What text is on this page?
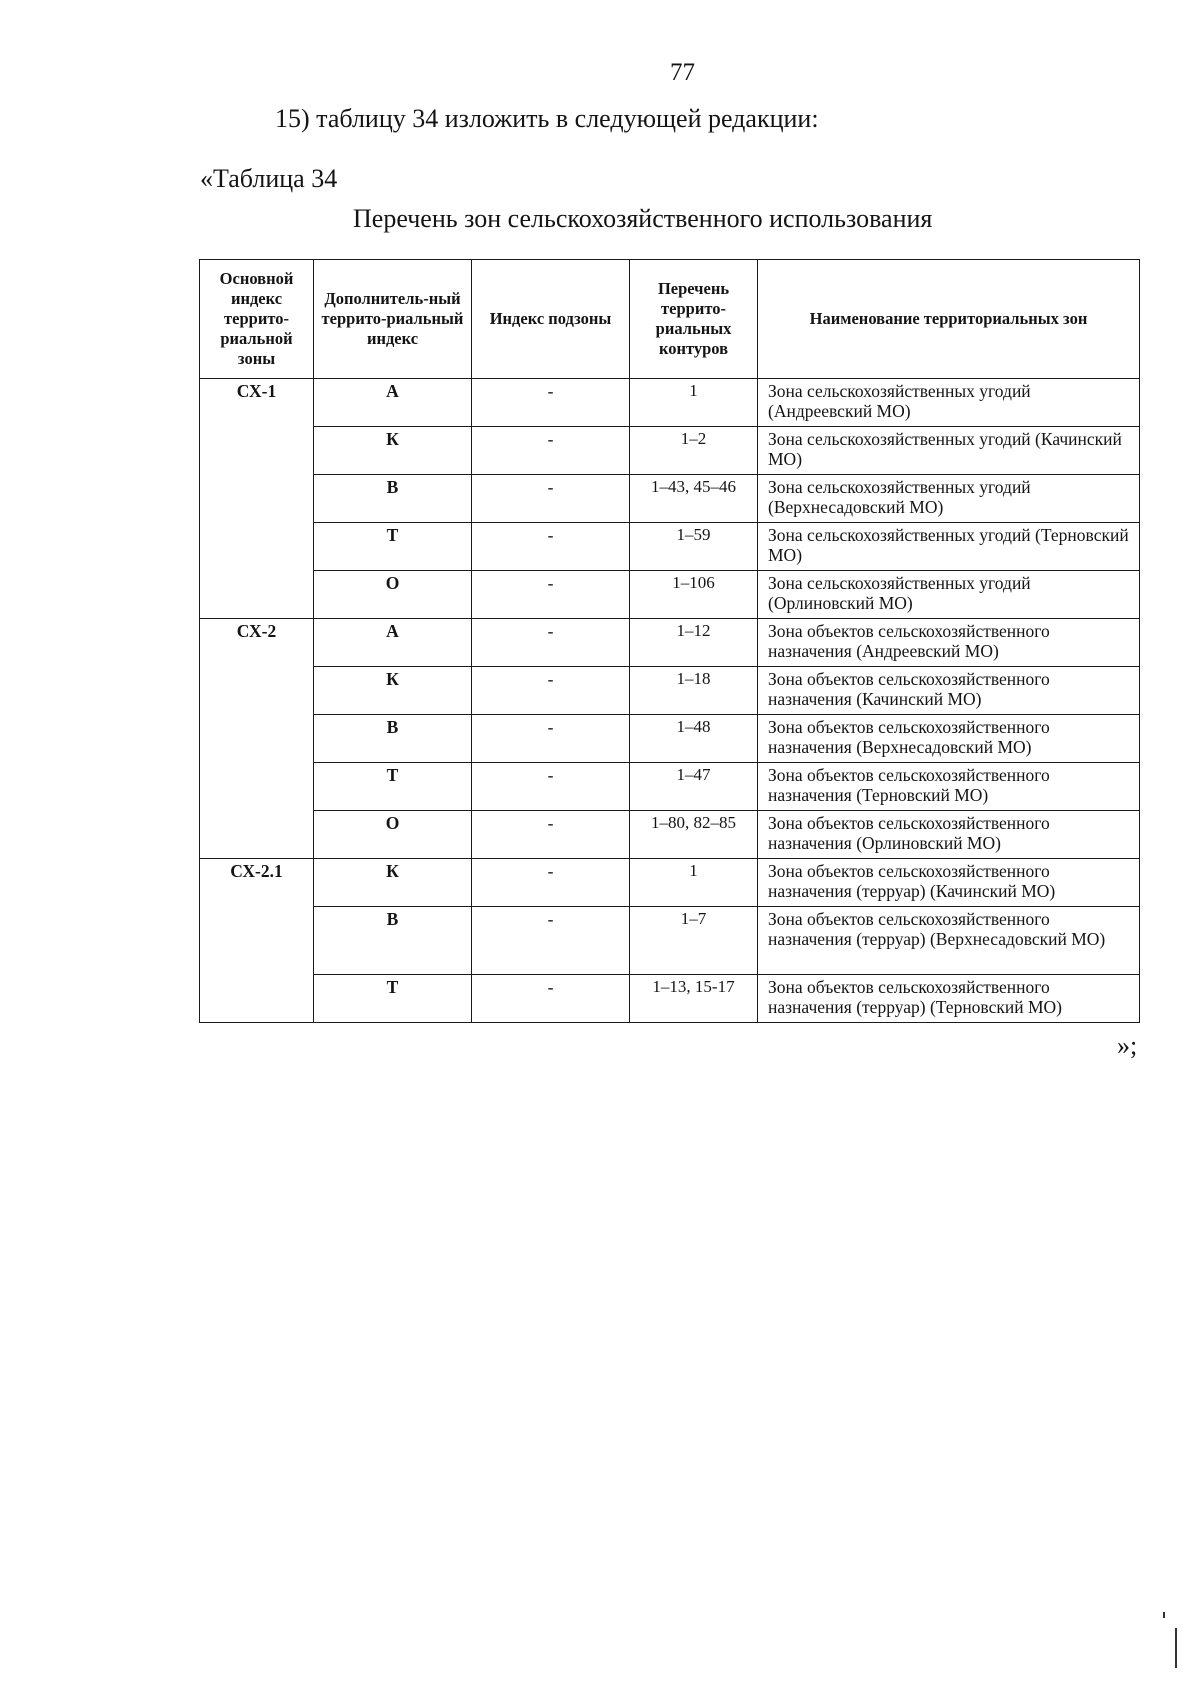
77
15) таблицу 34 изложить в следующей редакции:
«Таблица 34
Перечень зон сельскохозяйственного использования
Основной индекс террито-риальной зоны	Дополнитель-ный террито-риальный индекс	Индекс подзоны	Перечень террито-риальных контуров	Наименование территориальных зон
СХ-1	А	-	1	Зона сельскохозяйственных угодий (Андреевский МО)
	К	-	1–2	Зона сельскохозяйственных угодий (Качинский МО)
	В	-	1–43, 45–46	Зона сельскохозяйственных угодий (Верхнесадовский МО)
	Т	-	1–59	Зона сельскохозяйственных угодий (Терновский МО)
	О	-	1–106	Зона сельскохозяйственных угодий (Орлиновский МО)
СХ-2	А	-	1–12	Зона объектов сельскохозяйственного назначения (Андреевский МО)
	К	-	1–18	Зона объектов сельскохозяйственного назначения (Качинский МО)
	В	-	1–48	Зона объектов сельскохозяйственного назначения (Верхнесадовский МО)
	Т	-	1–47	Зона объектов сельскохозяйственного назначения (Терновский МО)
	О	-	1–80, 82–85	Зона объектов сельскохозяйственного назначения (Орлиновский МО)
СХ-2.1	К	-	1	Зона объектов сельскохозяйственного назначения (терруар) (Качинский МО)
	В	-	1–7	Зона объектов сельскохозяйственного назначения (терруар) (Верхнесадовский МО)
	Т	-	1–13, 15-17	Зона объектов сельскохозяйственного назначения (терруар) (Терновский МО)
»;
